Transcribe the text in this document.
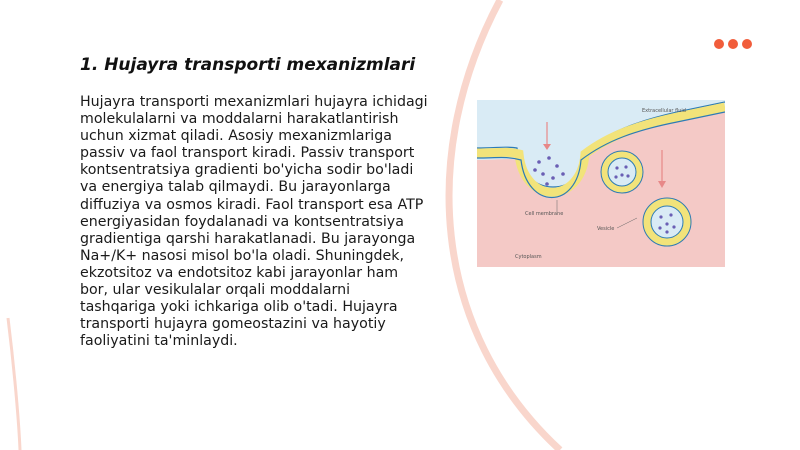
1. Hujayra transporti mexanizmlari
Hujayra transporti mexanizmlari hujayra ichidagi molekulalarni va moddalarni harakatlantirish uchun xizmat qiladi. Asosiy mexanizmlariga passiv va faol transport kiradi. Passiv transport kontsentratsiya gradienti bo'yicha sodir bo'ladi va energiya talab qilmaydi. Bu jarayonlarga diffuziya va osmos kiradi. Faol transport esa ATP energiyasidan foydalanadi va kontsentratsiya gradientiga qarshi harakatlanadi. Bu jarayonga Na+/K+ nasosi misol bo'la oladi. Shuningdek, ekzotsitoz va endotsitoz kabi jarayonlar ham bor, ular vesikulalar orqali moddalarni tashqariga yoki ichkariga olib o'tadi. Hujayra transporti hujayra gomeostazini va hayotiy faoliyatini ta'minlaydi.
Extracellular fluid
Cell membrane
Vesicle
Cytoplasm
